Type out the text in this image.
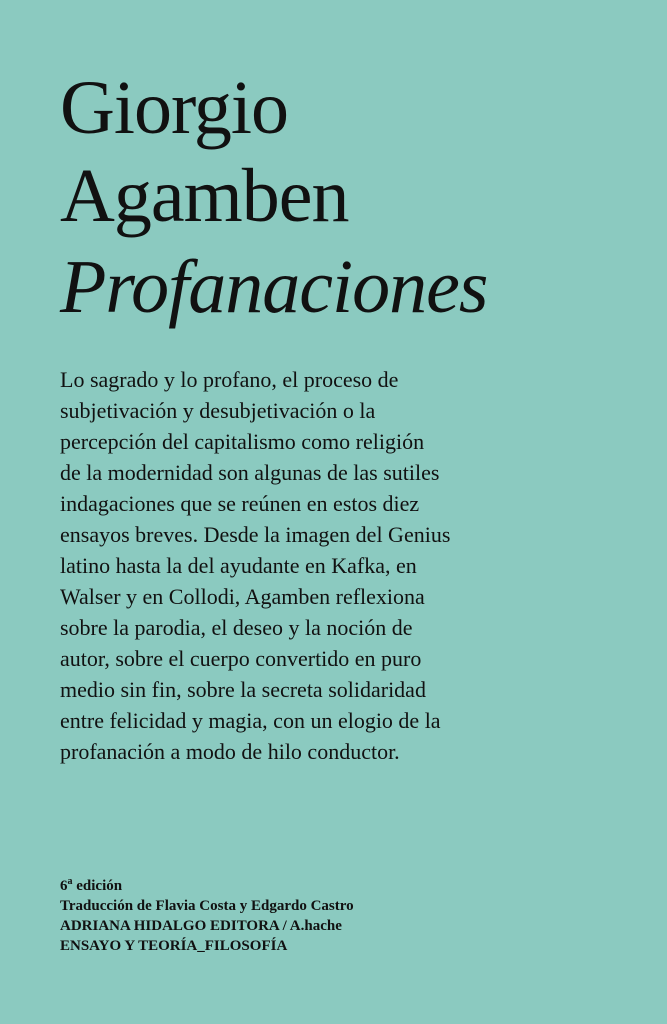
Giorgio
Agamben
Profanaciones
Lo sagrado y lo profano, el proceso de
subjetivación y desubjetivación o la
percepción del capitalismo como religión
de la modernidad son algunas de las sutiles
indagaciones que se reúnen en estos diez
ensayos breves. Desde la imagen del Genius
latino hasta la del ayudante en Kafka, en
Walser y en Collodi, Agamben reflexiona
sobre la parodia, el deseo y la noción de
autor, sobre el cuerpo convertido en puro
medio sin fin, sobre la secreta solidaridad
entre felicidad y magia, con un elogio de la
profanación a modo de hilo conductor.
6$^a$ edición
Traducción de Flavia Costa y Edgardo Castro
ADRIANA HIDALGO EDITORA / A.hache
ENSAYO Y TEORÍA_FILOSOFÍA
